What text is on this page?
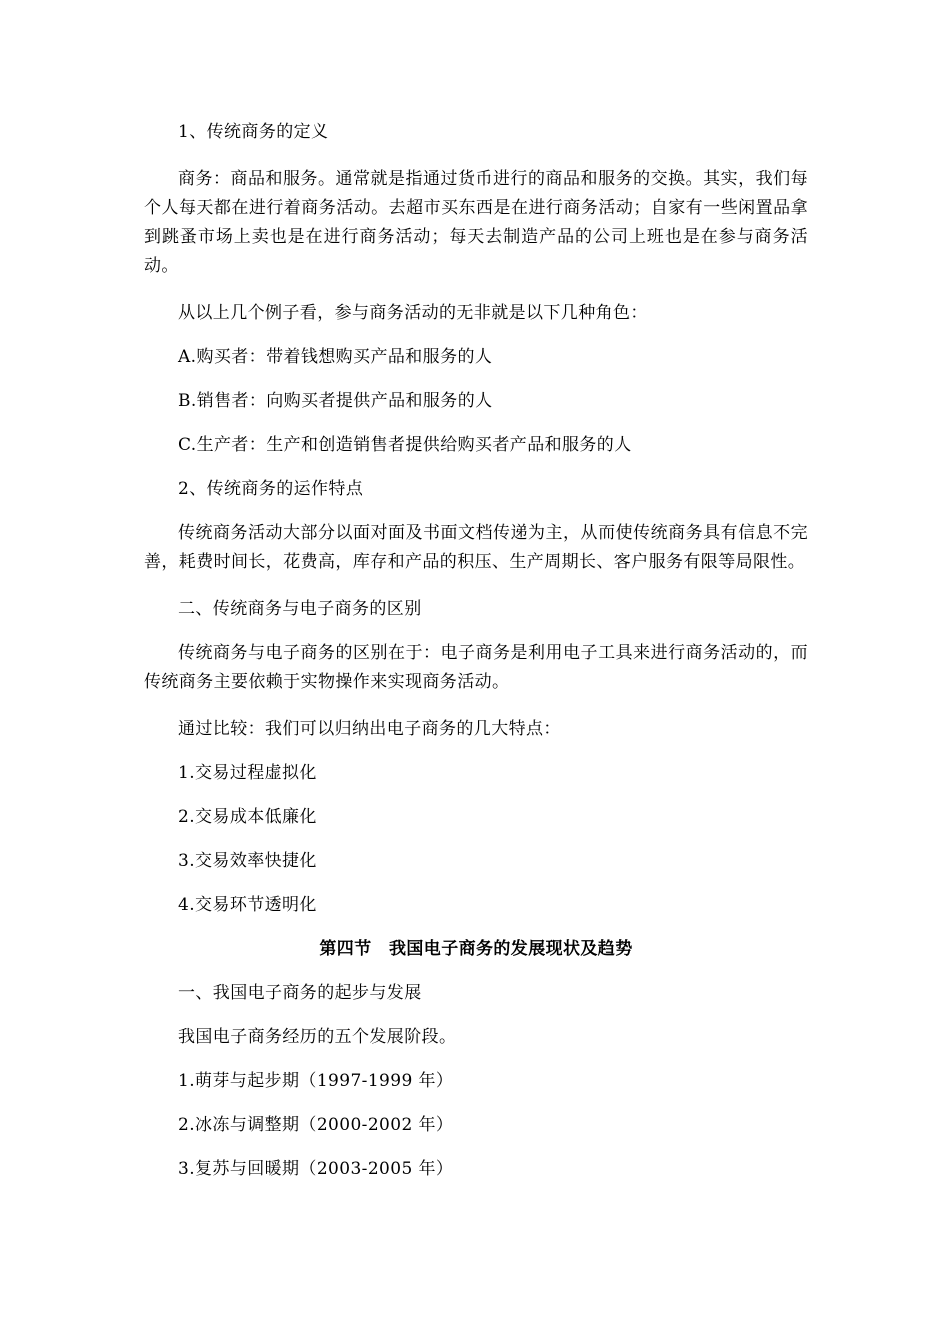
1、传统商务的定义

商务：商品和服务。通常就是指通过货币进行的商品和服务的交换。其实，我们每个人每天都在进行着商务活动。去超市买东西是在进行商务活动；自家有一些闲置品拿到跳蚤市场上卖也是在进行商务活动；每天去制造产品的公司上班也是在参与商务活动。

从以上几个例子看，参与商务活动的无非就是以下几种角色：

A.购买者：带着钱想购买产品和服务的人

B.销售者：向购买者提供产品和服务的人

C.生产者：生产和创造销售者提供给购买者产品和服务的人

2、传统商务的运作特点

传统商务活动大部分以面对面及书面文档传递为主，从而使传统商务具有信息不完善，耗费时间长，花费高，库存和产品的积压、生产周期长、客户服务有限等局限性。

二、传统商务与电子商务的区别

传统商务与电子商务的区别在于：电子商务是利用电子工具来进行商务活动的，而传统商务主要依赖于实物操作来实现商务活动。

通过比较：我们可以归纳出电子商务的几大特点：

1.交易过程虚拟化

2.交易成本低廉化

3.交易效率快捷化

4.交易环节透明化

第四节　我国电子商务的发展现状及趋势

一、我国电子商务的起步与发展

我国电子商务经历的五个发展阶段。

1.萌芽与起步期（1997-1999 年）

2.冰冻与调整期（2000-2002 年）

3.复苏与回暖期（2003-2005 年）
